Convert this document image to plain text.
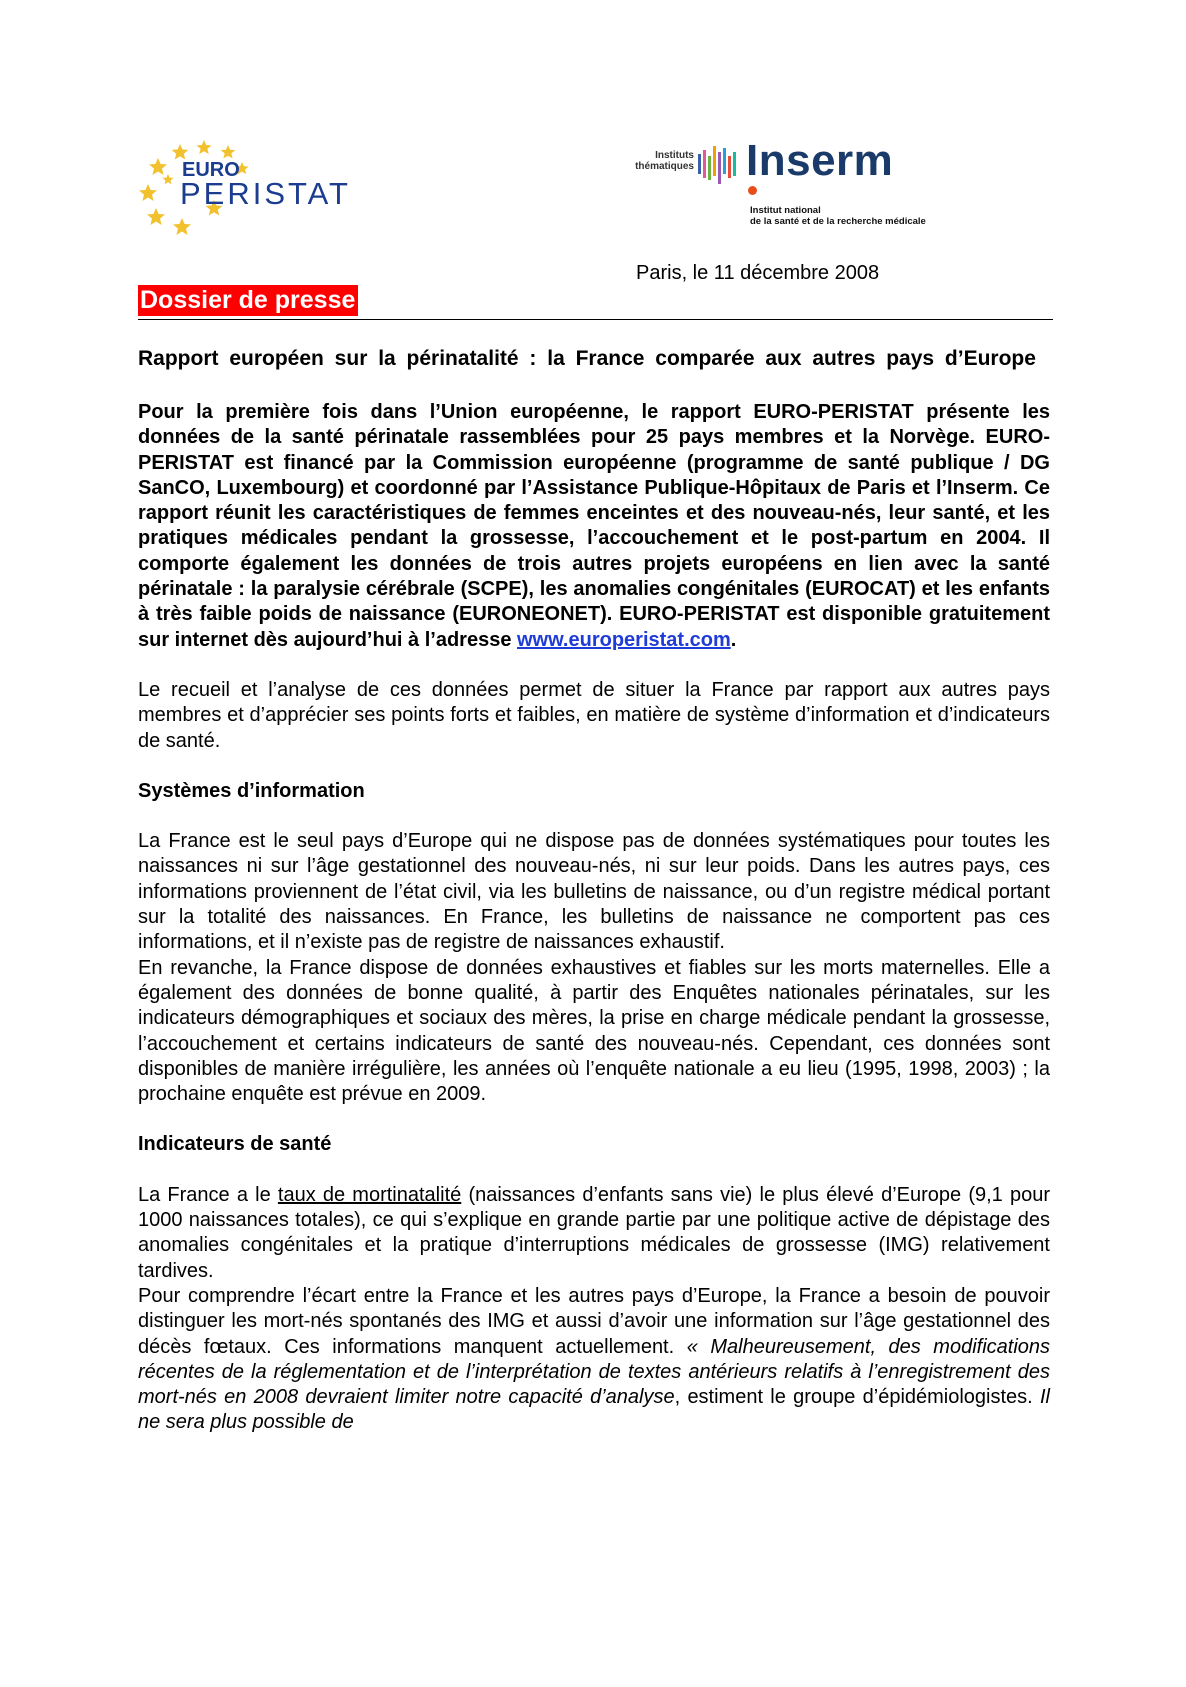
EURO
PERISTAT
Instituts
thématiques Inserm
Institut national
de la santé et de la recherche médicale
Paris, le 11 décembre 2008
Dossier de presse

Rapport européen sur la périnatalité : la France comparée aux autres pays d’Europe

Pour la première fois dans l’Union européenne, le rapport EURO-PERISTAT présente les données de la santé périnatale rassemblées pour 25 pays membres et la Norvège. EURO-PERISTAT est financé par la Commission européenne (programme de santé publique / DG SanCO, Luxembourg) et coordonné par l’Assistance Publique-Hôpitaux de Paris et l’Inserm. Ce rapport réunit les caractéristiques de femmes enceintes et des nouveau-nés, leur santé, et les pratiques médicales pendant la grossesse, l’accouchement et le post-partum en 2004. Il comporte également les données de trois autres projets européens en lien avec la santé périnatale : la paralysie cérébrale (SCPE), les anomalies congénitales (EUROCAT) et les enfants à très faible poids de naissance (EURONEONET). EURO-PERISTAT est disponible gratuitement sur internet dès aujourd’hui à l’adresse www.europeristat.com.

Le recueil et l’analyse de ces données permet de situer la France par rapport aux autres pays membres et d’apprécier ses points forts et faibles, en matière de système d’information et d’indicateurs de santé.

Systèmes d’information

La France est le seul pays d’Europe qui ne dispose pas de données systématiques pour toutes les naissances ni sur l’âge gestationnel des nouveau-nés, ni sur leur poids. Dans les autres pays, ces informations proviennent de l’état civil, via les bulletins de naissance, ou d’un registre médical portant sur la totalité des naissances. En France, les bulletins de naissance ne comportent pas ces informations, et il n’existe pas de registre de naissances exhaustif.

En revanche, la France dispose de données exhaustives et fiables sur les morts maternelles. Elle a également des données de bonne qualité, à partir des Enquêtes nationales périnatales, sur les indicateurs démographiques et sociaux des mères, la prise en charge médicale pendant la grossesse, l’accouchement et certains indicateurs de santé des nouveau-nés. Cependant, ces données sont disponibles de manière irrégulière, les années où l’enquête nationale a eu lieu (1995, 1998, 2003) ; la prochaine enquête est prévue en 2009.

Indicateurs de santé

La France a le taux de mortinatalité (naissances d’enfants sans vie) le plus élevé d’Europe (9,1 pour 1000 naissances totales), ce qui s’explique en grande partie par une politique active de dépistage des anomalies congénitales et la pratique d’interruptions médicales de grossesse (IMG) relativement tardives.

Pour comprendre l’écart entre la France et les autres pays d’Europe, la France a besoin de pouvoir distinguer les mort-nés spontanés des IMG et aussi d’avoir une information sur l’âge gestationnel des décès fœtaux. Ces informations manquent actuellement. « Malheureusement, des modifications récentes de la réglementation et de l’interprétation de textes antérieurs relatifs à l’enregistrement des mort-nés en 2008 devraient limiter notre capacité d’analyse, estiment le groupe d’épidémiologistes. Il ne sera plus possible de
